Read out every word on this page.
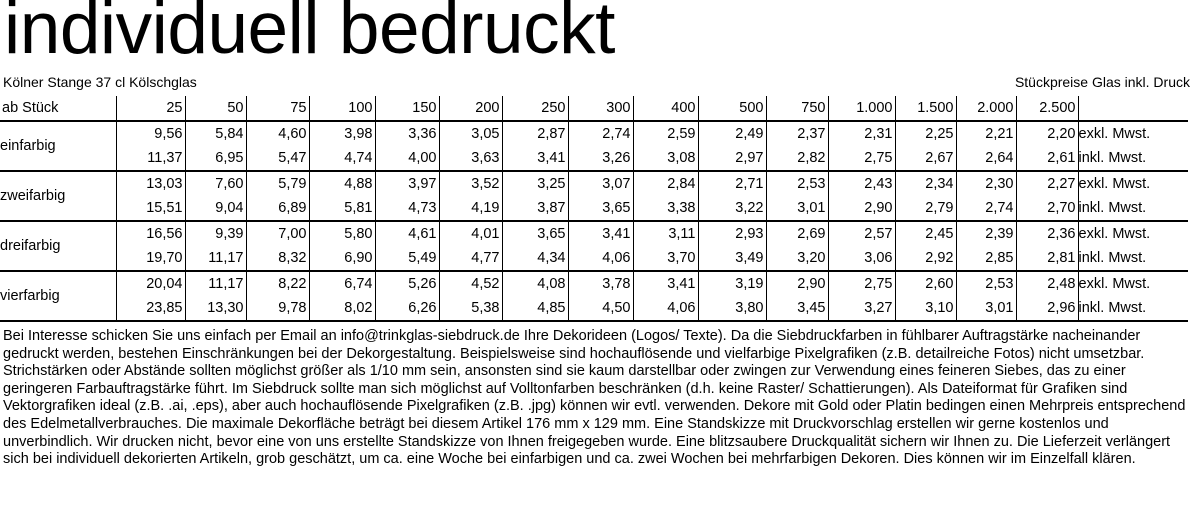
individuell bedruckt
Kölner Stange 37 cl Kölschglas	Stückpreise Glas inkl. Druck
ab Stück	25	50	75	100	150	200	250	300	400	500	750	1.000	1.500	2.000	2.500	
einfarbig	9,56	5,84	4,60	3,98	3,36	3,05	2,87	2,74	2,59	2,49	2,37	2,31	2,25	2,21	2,20	exkl. Mwst.
	11,37	6,95	5,47	4,74	4,00	3,63	3,41	3,26	3,08	2,97	2,82	2,75	2,67	2,64	2,61	inkl. Mwst.
zweifarbig	13,03	7,60	5,79	4,88	3,97	3,52	3,25	3,07	2,84	2,71	2,53	2,43	2,34	2,30	2,27	exkl. Mwst.
	15,51	9,04	6,89	5,81	4,73	4,19	3,87	3,65	3,38	3,22	3,01	2,90	2,79	2,74	2,70	inkl. Mwst.
dreifarbig	16,56	9,39	7,00	5,80	4,61	4,01	3,65	3,41	3,11	2,93	2,69	2,57	2,45	2,39	2,36	exkl. Mwst.
	19,70	11,17	8,32	6,90	5,49	4,77	4,34	4,06	3,70	3,49	3,20	3,06	2,92	2,85	2,81	inkl. Mwst.
vierfarbig	20,04	11,17	8,22	6,74	5,26	4,52	4,08	3,78	3,41	3,19	2,90	2,75	2,60	2,53	2,48	exkl. Mwst.
	23,85	13,30	9,78	8,02	6,26	5,38	4,85	4,50	4,06	3,80	3,45	3,27	3,10	3,01	2,96	inkl. Mwst.
Bei Interesse schicken Sie uns einfach per Email an info@trinkglas-siebdruck.de Ihre Dekorideen (Logos/ Texte). Da die Siebdruckfarben in fühlbarer Auftragstärke nacheinander gedruckt werden, bestehen Einschränkungen bei der Dekorgestaltung. Beispielsweise sind hochauflösende und vielfarbige Pixelgrafiken (z.B. detailreiche Fotos) nicht umsetzbar. Strichstärken oder Abstände sollten möglichst größer als 1/10 mm sein, ansonsten sind sie kaum darstellbar oder zwingen zur Verwendung eines feineren Siebes, das zu einer geringeren Farbauftragstärke führt. Im Siebdruck sollte man sich möglichst auf Volltonfarben beschränken (d.h. keine Raster/ Schattierungen). Als Dateiformat für Grafiken sind Vektorgrafiken ideal (z.B. .ai, .eps), aber auch hochauflösende Pixelgrafiken (z.B. .jpg) können wir evtl. verwenden. Dekore mit Gold oder Platin bedingen einen Mehrpreis entsprechend des Edelmetallverbrauches. Die maximale Dekorfläche beträgt bei diesem Artikel 176 mm x 129 mm. Eine Standskizze mit Druckvorschlag erstellen wir gerne kostenlos und unverbindlich. Wir drucken nicht, bevor eine von uns erstellte Standskizze von Ihnen freigegeben wurde. Eine blitzsaubere Druckqualität sichern wir Ihnen zu. Die Lieferzeit verlängert sich bei individuell dekorierten Artikeln, grob geschätzt, um ca. eine Woche bei einfarbigen und ca. zwei Wochen bei mehrfarbigen Dekoren. Dies können wir im Einzelfall klären.
